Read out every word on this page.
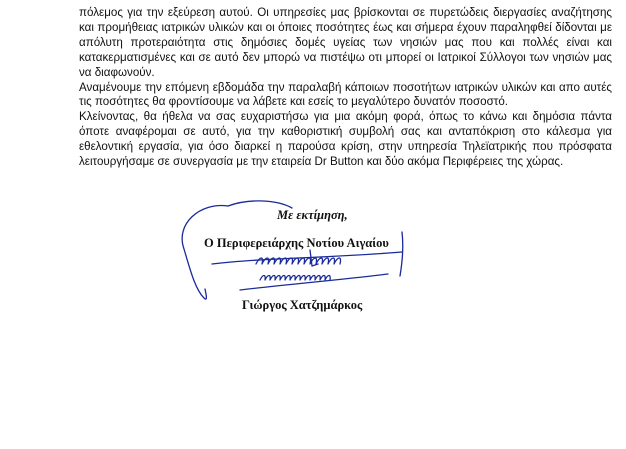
πόλεμος για την εξεύρεση αυτού. Οι υπηρεσίες μας βρίσκονται σε πυρετώδεις διεργασίες αναζήτησης και προμήθειας ιατρικών υλικών και οι όποιες ποσότητες έως και σήμερα έχουν παραληφθεί δίδονται με απόλυτη προτεραιότητα στις δημόσιες δομές υγείας των νησιών μας που και πολλές είναι και κατακερματισμένες και σε αυτό δεν μπορώ να πιστέψω οτι μπορεί οι Ιατρικοί Σύλλογοι των νησιών μας να διαφωνούν.

Αναμένουμε την επόμενη εβδομάδα την παραλαβή κάποιων ποσοτήτων ιατρικών υλικών και απο αυτές τις ποσότητες θα φροντίσουμε να λάβετε και εσείς το μεγαλύτερο δυνατόν ποσοστό.

Κλείνοντας, θα ήθελα να σας ευχαριστήσω για μια ακόμη φορά, όπως το κάνω και δημόσια πάντα όποτε αναφέρομαι σε αυτό, για την καθοριστική συμβολή σας και ανταπόκριση στο κάλεσμα για εθελοντική εργασία, για όσο διαρκεί η παρούσα κρίση, στην υπηρεσία Τηλεϊατρικής που πρόσφατα λειτουργήσαμε σε συνεργασία με την εταιρεία Dr Button και δύο ακόμα Περιφέρειες της χώρας.

Με εκτίμηση,
Ο Περιφερειάρχης Νοτίου Αιγαίου
Γιώργος Χατζημάρκος
